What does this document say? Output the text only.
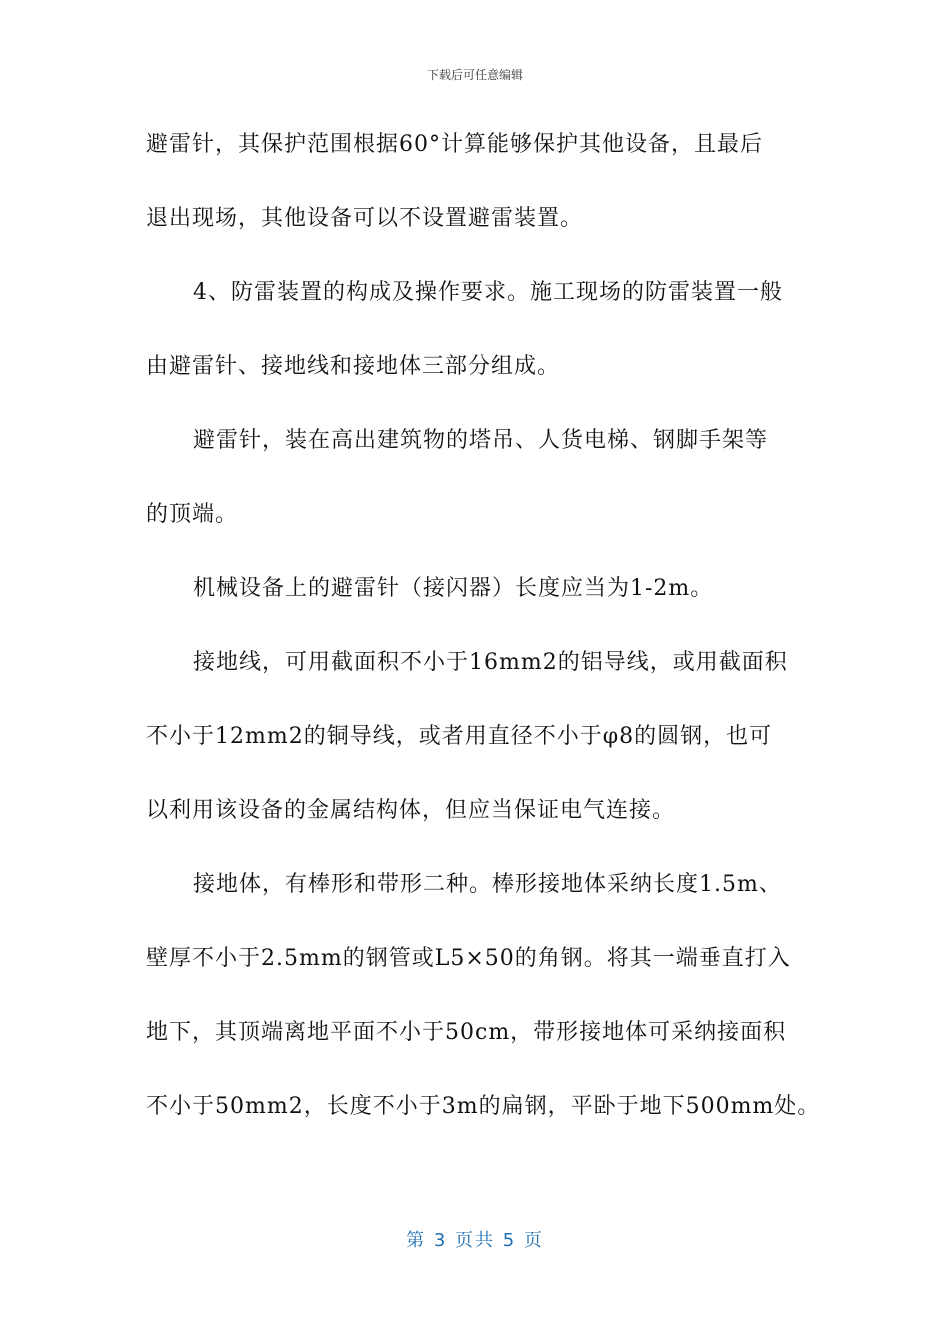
下载后可任意编辑
避雷针，其保护范围根据60°计算能够保护其他设备，且最后
退出现场，其他设备可以不设置避雷装置。
4、防雷装置的构成及操作要求。施工现场的防雷装置一般
由避雷针、接地线和接地体三部分组成。
避雷针，装在高出建筑物的塔吊、人货电梯、钢脚手架等
的顶端。
机械设备上的避雷针（接闪器）长度应当为1-2m。
接地线，可用截面积不小于16mm2的铝导线，或用截面积
不小于12mm2的铜导线，或者用直径不小于φ8的圆钢，也可
以利用该设备的金属结构体，但应当保证电气连接。
接地体，有棒形和带形二种。棒形接地体采纳长度1.5m、
壁厚不小于2.5mm的钢管或L5×50的角钢。将其一端垂直打入
地下，其顶端离地平面不小于50cm，带形接地体可采纳接面积
不小于50mm2，长度不小于3m的扁钢，平卧于地下500mm处。
第 3 页共 5 页
